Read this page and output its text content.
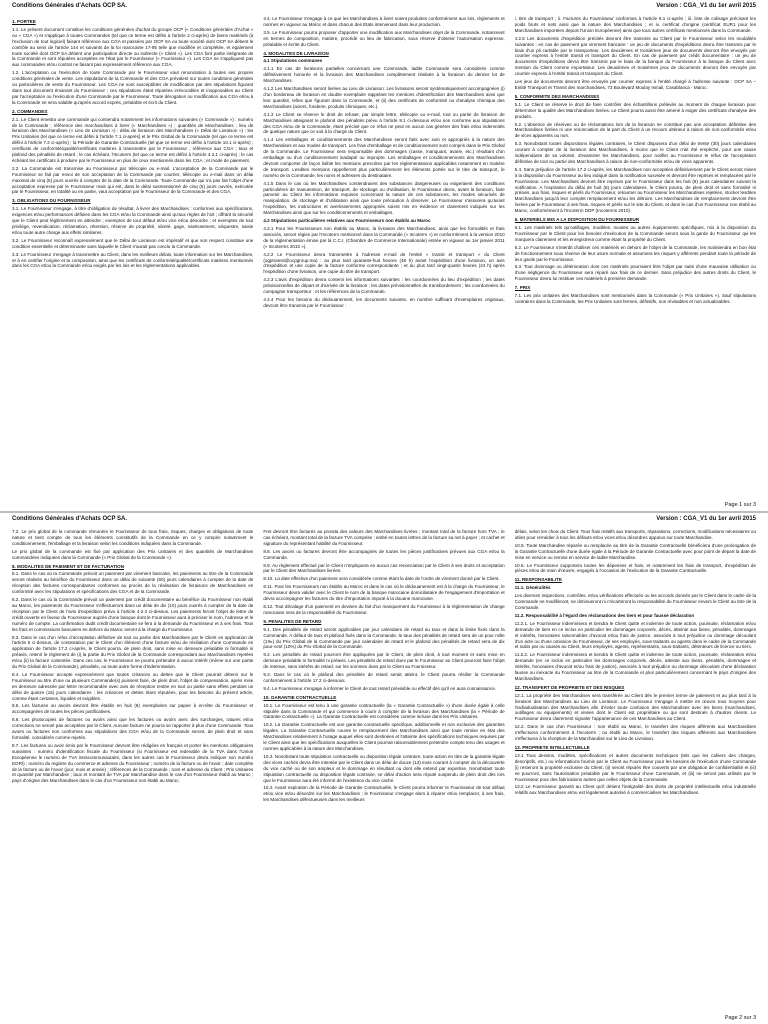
Conditions Générales d'Achats OCP SA.	Version : CGA_V1 du 1er avril 2015

1. PORTEE

1.1. Le présent document constitue les conditions générales d'achat du groupe OCP (« Conditions générales d'Achat » ou « CGA ») et s'applique à toutes Commandes (tel que ce terme est défini à l'article 2 ci-après) de biens matériels (à l'exclusion de tout logiciel) faisant référence aux CGA et passées par OCP SA ou toute société dont OCP SA détient le contrôle au sens de l'article 144 et suivants de la loi marocaine 17-95 telle que modifiée et complétée, et également toute société dont OCP SA détient une participation directe ou indirecte (« Client »). Les CGA font partie intégrante de la Commande et sont réputées acceptées en l'état par le Fournisseur (« Fournisseur »). Les CGA ne s'appliquent pas aux commandes et/ou contrat ne faisant pas expressément référence aux CGA.

1.2. L'acceptation ou l'exécution de toute Commande par le Fournisseur vaut renonciation à toutes ses propres conditions générales de vente. Les stipulations de la Commande et des CGA prévalent sur toutes conditions générales ou particulières de vente du Fournisseur. Les CGA ne sont susceptibles de modification par des stipulations figurant dans tout document émanant du Fournisseur ; ces stipulations étant réputées irrévocables et inopposables au Client par l'acceptation ou l'exécution d'une Commande par le Fournisseur. Toute dérogation ou modification aux CGA et/ou à la Commande ne sera valable qu'après accord exprès, préalable et écrit du Client.

2. COMMANDES

2.1. Le Client émettra une commande qui contiendra notamment les informations suivantes (« Commande ») : numéro de la Commande ; référence des marchandises à livrer (« Marchandises ») ; quantités de Marchandises ; lieu de livraison des Marchandises (« Lieu de Livraison ») ; délai de livraison des Marchandises (« Délai de Livraison ») ; les Prix Unitaires (tel que ce terme est défini à l'article 7.1 ci-après) et le Prix Global de la Commande (tel que ce terme est défini à l'article 7.2 ci-après) ; la Période de Garantie Contractuelle (tel que ce terme est défini à l'article 10.1 ci-après) ; certificats de conformité/qualité/certificats matières à transmettre par le Fournisseur ; référence aux CGA ; taux et plafond des pénalités de retard ; le cas échéant, l'Incoterm (tel que ce terme est défini à l'article 4.2.1 ci-après) ; le cas échéant les certificats à produire par le Fournisseur en plus de ceux mentionnés dans les CGA ; et mode de paiement.

2.2. La Commande est transmise au Fournisseur par télécopie ou e-mail. L'acceptation de la Commande par le Fournisseur se fait par envoi de son acceptation de la Commande par courrier, télécopie ou e-mail dans un délai maximal de cinq (5) jours ouvrés à compter de la date de la Commande. Toute Commande qui n'a pas fait l'objet d'une acceptation expresse par le Fournisseur mais qui est, dans le délai susmentionné de cinq (5) jours ouvrés, exécutée par le Fournisseur, en totalité ou en partie, vaut acceptation par le Fournisseur de la Commande et des CGA.

3. OBLIGATIONS DU FOURNISSEUR

3.1. Le Fournisseur s'engage, à titre d'obligation de résultat, à livrer des Marchandises : conformes aux spécifications, exigences et/ou performances définies dans les CGA et/ou la Commande ainsi qu'aux règles de l'art ; offrant la sécurité que le Client peut légitimement en attendre ; exemptes de tout défaut et/ou vice et/ou désordre ; et exemptes de tout privilège, revendication, réclamation, rétention, réserve de propriété, sûreté, gage, nantissement, séquestre, saisie et/ou toute autre charge aux effets similaires.

3.2. Le Fournisseur reconnaît expressément que le Délai de Livraison est impératif et que son respect constitue une condition essentielle et déterminante sans laquelle le Client n'aurait pas conclu la Commande.

3.3. Le Fournisseur s'engage à transmettre au Client, dans les meilleurs délais, toute information sur les Marchandises, et à en certifier l'origine et la composition, ainsi que les certificats de conformité/qualité/certificats matières mentionnés dans les CGA et/ou la Commande et/ou exigés par les lois et les réglementations applicables.

3.4. Le Fournisseur s'engage à ce que les Marchandises à livrer soient produites conformément aux lois, règlements et normes en vigueur au Maroc et dans chacun des Etats intervenant dans leur production.

3.5. Le Fournisseur pourra proposer d'apporter une modification aux Marchandises objet de la Commande, notamment en termes de composition, matière, procédé ou lieu de fabrication, sous réserve d'obtenir l'autorisation expresse, préalable et écrite du Client.

4. MODALITES DE LIVRAISON

4.1 Stipulations communes

4.1.1 En cas de livraisons partielles concernant une Commande, ladite Commande sera considérée comme définitivement honorée et la livraison des Marchandises complètement réalisée à la livraison du dernier lot de Marchandises.

4.1.2 Les Marchandises seront livrées au Lieu de Livraison. Les livraisons seront systématiquement accompagnées (i) d'un bordereau de livraison en double exemplaire rappelant les mentions d'identification des Marchandises ainsi que leur quantité, telles que figurant dans la Commande, et (ii) des certificats de conformité ou d'analyse chimique des Marchandises (aciers, fonderie, produits chimiques, etc.).

4.1.3 Le Client se réserve le droit de refuser, par simple lettre, télécopie ou e-mail, tout ou partie de livraison de Marchandises atteignant le plafond des pénalités prévu à l'article 9.1 ci-dessous et/ou non conforme aux stipulations des CGA et/ou de la Commande, étant précisé que ce refus ne peut en aucun cas générer des frais et/ou indemnités de quelque nature que ce soit à la charge du Client.

4.1.4 Les emballages et conditionnements des Marchandises seront faits avec soin et appropriés à la nature des Marchandises et aux modes de transport. Les frais d'emballage et de conditionnement sont compris dans le Prix Global de la Commande. Le Fournisseur sera responsable des dommages (casse, manquant, avarie, etc.) résultant d'un emballage ou d'un conditionnement inadapté ou impropre. Les emballages et conditionnements des Marchandises devront comporter de façon lisible les mentions prescrites par les réglementations applicables notamment en matière de transport. Lesdites mentions rappelleront plus particulièrement les éléments portés sur le titre de transport, le numéro de la Commande, les noms et adresses du destinataire.

4.1.5 Dans le cas où les Marchandises contiendraient des substances dangereuses ou exigeraient des conditions particulières de manutention, de transport, de stockage ou d'utilisation, le Fournisseur devra, avant la livraison, faire parvenir au Client les informations requises concernant la nature de ces substances, les modes sécurisés de manipulation, de stockage et d'utilisation ainsi que toute précaution à observer. Le Fournisseur s'assurera qu'avant l'expédition, les instructions et avertissements appropriés soient mis en évidence et clairement indiqués sur les Marchandises ainsi que sur les conditionnements et emballages.

4.2 Stipulations particulières relatives aux Fournisseurs non établis au Maroc

4.2.1 Pour les Fournisseurs non établis au Maroc, la livraison des Marchandises, ainsi que les formalités et frais associés, seront régies par l'Incoterm mentionné dans la Commande (« Incoterm ») et conformément à la version 2010 de la réglementation émise par la C.C.I. (Chambre de Commerce Internationale) entrée en vigueur au 1er janvier 2011 (« Incoterms 2010 »).

4.2.2 Le Fournisseur devra transmettre à l'adresse e-mail de l'entité « transit et transport » du Client (ogptransit@ocpgroup.ma) : au plus tard quarante-huit heures (48 h) avant l'expédition d'une livraison, un avis d'expédition et une copie de la facture conforme correspondante ; et au plus tard vingt-quatre heures (24 h) après l'expédition d'une livraison, une copie du titre de transport.

4.2.3 L'avis d'expédition devra contenir les informations suivantes : les coordonnées du lieu d'expédition ; les dates prévisionnelles de départ et d'arrivée de la livraison ; les dates prévisionnelles de transbordement ; les coordonnées du compagnie transporteur ; et les références de la Commande.

4.2.4 Pour les besoins du dédouanement, les documents suivants, en nombre suffisant d'exemplaires originaux, devront être transmis par le Fournisseur :

i. titre de transport ; ii. Factures du Fournisseur conformes à l'article 8.1 ci-après ; iii. liste de colisage précisant les poids bruts et nets ainsi que la nature des Marchandises ; et iv. certificat d'origine (certificat EUR1 pour les Marchandises importées depuis l'Union Européenne) ainsi que tous autres certificats mentionnés dans la Commande.

4.2.5 Les documents d'expédition précités devront être transmis au Client par le Fournisseur selon les modalités suivantes : en cas de paiement par virement bancaire : un jeu de documents d'expéditions devra être transmis par le biais d'un pli cartable par le transporteur. Les deuxièmes et troisièmes jeux de documents devront être envoyés par courrier express à l'entité transit et transport du Client. En cas de paiement par crédit documentaire : un jeu de documents d'expéditions devra être transmis par le biais de la banque du Fournisseur à la banque du Client avec mention du Client comme importateur. Les deuxièmes et troisièmes jeux de documents devront être envoyés par courrier express à l'entité transit et transport du Client.

Les jeux de documents devront être envoyés par courrier express à l'entité chargé à l'adresse suivante : OCP SA – Entité Transport et Transit des marchandises, 73 Boulevard Moulay Ismail, Casablanca - Maroc.

5. CONFORMITE DES MARCHANDISES

5.1. Le Client se réserve le droit de faire contrôler des échantillons prélevés au moment de chaque livraison pour déterminer la qualité des Marchandises livrées. Le Client pourra aussi être amené à exiger des certificats d'analyse des produits.

5.2. L'absence de réserves ou de réclamations lors de la livraison ne constitue pas une acceptation définitive des Marchandises livrées ni une renonciation de la part du Client à un recours ultérieur à raison de non-conformités et/ou de vices apparents ou non.

5.3. Nonobstant toutes dispositions légales contraires, le Client disposera d'un délai de trente (30) jours calendaires courant à compter de la livraison des Marchandises, à moins que le Client n'ait été empêché, pour une cause indépendante de sa volonté, d'examiner les Marchandises, pour notifier au Fournisseur le refus de l'acceptation définitive de tout ou partie des Marchandises à raison de non-conformités et/ou de vices apparents.

5.4. Sans préjudice de l'article 17.2 ci-après, les Marchandises non acceptées définitivement par le Client seront mises à la disposition du Fournisseur au lieu indiqué dans la notification susvisée et devront être reprises et remplacées par le Fournisseur. Les Marchandises devront être reprises par le Fournisseur dans les huit (8) jours calendaires suivant la notification. A l'expiration du délai de huit (8) jours calendaires, le Client pourra, de plein droit et sans formalité ni préavis, aux frais, risques et périls du Fournisseur, retourner au Fournisseur les Marchandises rejetées, stocker lesdites Marchandises jusqu'à leur complet remplacement et/ou les détruire. Les Marchandises de remplacement devront être livrées par le Fournisseur à ses frais, risques et périls sur le site du Client, et dans le cas d'un Fournisseur non établi au Maroc, conformément à l'Incoterm DDP (Incoterms 2010).

6. MATERIELS MIS A LA DISPOSITION DU FOURNISSEUR

6.1. Les matériels tels qu'outillages, modèles, moules ou autres équipements spécifiques, mis à la disposition du Fournisseur par le Client pour les besoins d'exécution de la Commande seront sous la garde du Fournisseur qui les marquera clairement et les enregistrera comme étant la propriété du Client.

6.2. Le Fournisseur s'interdit d'utiliser ces matériels en dehors de l'objet de la Commande, les maintiendra en bon état de fonctionnement sous réserve de leur usure normale et assumera les risques y afférents pendant toute la période de leur garde par le Fournisseur.

6.3. Tout dommage ou détérioration dont ces matériels pourraient être l'objet par suite d'une mauvaise utilisation ou d'une négligence du Fournisseur sera réparé aux frais de ce dernier. Sans préjudice des autres droits du Client, le Fournisseur devra lui restituer ces matériels à première demande.

7. PRIX

7.1. Les prix unitaires des Marchandises sont mentionnés dans la Commande (« Prix Unitaires »). Sauf stipulations contraires dans la Commande, les Prix Unitaires sont fermes, définitifs, non révisables et non actualisables.

Page 1 sur 3
Conditions Générales d'Achats OCP SA.	Version : CGA_V1 du 1er avril 2015

7.2. Le prix global de la commande rémunère le Fournisseur de tous frais, risques, charges et obligations de toute nature et tient compte de tous les éléments constitutifs de la Commande en ce y compris notamment le conditionnement, l'emballage et la livraison selon les conditions indiquées dans la Commande.

Le prix global de la commande est fixé par application des Prix Unitaires et des quantités de Marchandises commandées indiquées dans la Commande (« Prix Global de la Commande »).

8. MODALITES DE PAIEMENT ET DE FACTURATION

8.1. Dans le cas où la Commande prévoit un paiement par virement bancaire, les paiements au titre de la Commande seront réalisés au bénéfice du Fournisseur dans un délai de soixante (60) jours calendaires à compter de la date de réception des factures correspondantes conformes au procès de la réalisation de livraisons de Marchandises en conformité avec les stipulations et spécifications des CGA et de la Commande.

8.2. Dans le cas où la Commande prévoit un paiement par crédit documentaire au bénéfice du Fournisseur non établi au Maroc, les paiements du Fournisseur s'effectueront dans un délai de dix (10) jours ouvrés à compter de la date de réception par le Client de l'avis d'expédition prévu à l'article 4.2.3 ci-dessus. Les paiements feront l'objet de lettre de crédit ouverte en faveur du Fournisseur auprès d'une banque dont le Fournisseur aura à préciser le nom, l'adresse et le numéro de compte. La confirmation dudit crédit documentaire se fera à la demande du Fournisseur et à ses frais. Tous les frais et commissions bancaires en dehors du Maroc seront à la charge du Fournisseur.

8.3. Dans le cas d'un refus d'acceptation définitive de tout ou partie des Marchandises par le Client en application de l'article 5 ci-dessus, de contestation par le Client d'un élément d'une facture et/ou de résiliation d'une Commande en application de l'article 17.2 ci-après, le Client pourra, de plein droit, sans mise en demeure préalable ni formalité ni préavis, retenir le règlement de (i) la partie du Prix Global de la Commande correspondant aux Marchandises rejetées et/ou (ii) la facture contestée. Dans ces cas, le Fournisseur ne pourra prétendre à aucun intérêt (même sur une partie du Prix Global de la Commande), pénalités, ou toute autre forme d'indemnisation.

8.4. Le Fournisseur accepte expressément que toutes créances ou dettes que le Client pourrait détenir sur le Fournisseur au titre d'une ou plusieurs Commande(s) puissent faire, de plein droit, l'objet de compensation, après mise en demeure adressée par lettre recommandée avec avis de réception restée en tout ou partie sans effets pendant un délai de quinze (15) jours calendaires ; les créances et dettes étant réputées, pour les besoins du présent article, comme étant certaines, liquides et exigibles.

8.5. Les factures ou avoirs devront être établis en huit (8) exemplaires sur papier à en-tête du Fournisseur et accompagnées de toutes les pièces justificatives.

8.6. Les photocopies de factures ou avoirs ainsi que les factures ou avoirs avec des surcharges, ratures et/ou corrections ne seront pas acceptées par le Client. Aucune facture ne pourra se rapporter à plus d'une Commande. Tous avoirs ou factures non conformes aux stipulations des CGA et/ou de la Commande seront, de plein droit et sans formalité, considérés comme rejetés.

8.7. Les factures ou avoir émis par le Fournisseur devront être rédigées en français et porter les mentions obligatoires suivantes : numéro d'identification fiscale du Fournisseur (si Fournisseur est redevable de la TVA dans l'Union Européenne le numéro de TVA intracommunautaire, dans les autres cas le Fournisseur devra indiquer son numéro EORI) ; numéro du registre du commerce et adresse du Fournisseur ; numéro de la facture ou de l'avoir ; date complète de la facture ou de l'avoir (jour, mois et année) ; références de la Commande ; nom et adresse du Client ; Prix Unitaires et quantité par Marchandise ; taux et montant de TVA par Marchandise dans le cas d'un Fournisseur établi au Maroc ; pays d'origine des Marchandises dans le cas d'un Fournisseur non établi au Maroc.

Fret devront être facturés au prorata des valeurs des Marchandises livrées ; montant total de la facture hors TVA ; le cas échéant, montant total de la facture TVA comprise ; entité en toutes lettres de la facture sa net à payer ; et cachet et signature du représentant habilité du Fournisseur.

8.8. Les avoirs ou factures devront être accompagnés de toutes les pièces justificatives prévues aux CGA et/ou la Commande.

8.9. Au règlement effectué par le Client n'impliquera en aucun cas renonciation par le Client à ses droits et acceptation par le Client des Marchandises livrées.

8.10. La date effective d'un paiement sera considérée comme étant la date de l'ordre de virement donné par le Client.

8.11. Pour les Fournisseurs non établis au Maroc et dans le cas où le dédouanement est à la charge du Fournisseur, le Fournisseur devra valider avec le Client le nom de la banque marocaine domiciliataire de l'engagement d'importation et devra accompagner les factures du titre d'importation imputé à la douane marocaine.

8.12. Tout décalage d'un paiement en devises du fait d'un manquement du Fournisseur à la réglementation de change marocaine sera de la responsabilité du Fournisseur.

9. PENALITES DE RETARD

9.1. Des pénalités de retard seront applicables par jour calendaire de retard au taux et dans la limite fixés dans la Commande. A défaut de taux et plafond fixés dans la Commande, le taux des pénalités de retard sera de un pour mille (1‰) du Prix Global de la Commande par jour calendaire de retard et le plafond des pénalités de retard sera de dix pour-cent (10%) du Prix Global de la Commande.

9.2. Les pénalités de retard pourront être appliquées par le Client, de plein droit, à tout moment et sans mise en demeure préalable ni formalité ni préavis. Les pénalités de retard dues par le Fournisseur au Client pourront faire l'objet de retenue, sans intérêts de retard, sur les sommes dues par le Client au Fournisseur.

9.3. Dans le cas où le plafond des pénalités de retard serait atteint, le Client pourra résilier la Commande conformément à l'article 17.2 ci-dessous.

9.4. Le Fournisseur s'engage à informer le Client de tout retard prévisible ou effectif dès qu'il en aura connaissance.

10. GARANTIE CONTRACTUELLE

10.1. Le Fournisseur est tenu à une garantie contractuelle (la « Garantie Contractuelle ») d'une durée égale à celle stipulée dans la Commande et qui commence à courir à compter de la livraison des Marchandises (la « Période de Garantie Contractuelle »). La Garantie Contractuelle est considérée comme incluse dans les Prix Unitaires.

10.2. La Garantie Contractuelle est une garantie contractuelle spécifique, additionnelle et non exclusive des garanties légales. La Garantie Contractuelle couvre le remplacement des Marchandises ainsi que toute remise en état des Marchandises relativement à l'usage auquel elles sont destinées et l'atteinte des spécifications techniques requises par le Client ainsi que les spécifications auxquelles le Client pourrait raisonnablement prétendre compte tenu des usages et normes applicables à la nature des Marchandises.

10.3. Nonobstant toute stipulation contractuelle ou disposition légale contraire, toute action en titre de la garantie légale des vices cachés devra être intentée par le Client dans un délai de douze (12) mois courant à compter de la découverte du vice caché ou de son ampleur et le dommage en résultant ou dont elle entend par expertise. Nonobstant toute stipulation contractuelle ou disposition légale contraire, se délai d'action sera réputé suspendu de plein droit dès lors que le Fournisseur aura été informé de l'existence du vice caché.

10.4. Avant expiration de la Période de Garantie Contractuelle, le Client pourra informer le Fournisseur de tout défaut et/ou vice et/ou désordre sur les Marchandises ; le Fournisseur s'engage alors à réparer et/ou remplacer, à ses frais, les Marchandises défectueuses dans les meilleurs

délais, selon les choix du Client. Tous frais relatifs aux transports, réparations, corrections, modifications nécessaires ou utiles pour remédier à tous les défauts et/ou vices et/ou désordres apparus sur toute Marchandise.

10.5. Toute Marchandise réparée ou remplacée au titre de la Garantie Contractuelle bénéficiera d'une prolongation de la Garantie Contractuelle d'une durée égale à la Période de Garantie Contractuelle avec pour point de départ la date de mise en service ou remise en service de ladite Marchandise.

10.6. Le Fournisseur supportera toutes les dépenses et frais, et notamment les frais de transport, d'expédition de pièces et/ou de main d'œuvre, engagés à l'occasion de l'exécution de la Garantie Contractuelle.

11. RESPONSABILITE

11.1. Généralités

Les diverses inspections, contrôles, et/ou vérifications effectués ou les accords donnés par le Client dans le cadre de la Commande ne modifieront, ne diminueront ni n'écarteront la responsabilité du Fournisseur envers le Client au titre de la Commande.

11.2. Responsabilité à l'égard des réclamations des tiers et pour fausse déclaration

11.2.1. Le Fournisseur indemnisera et tiendra le Client quitte et indemne de toute action, poursuite, réclamation et/ou demande de tiers en ce inclus en particulier les dommages corporels, décès, atteinte aux biens, pénalités, dommages et intérêts, honoraires raisonnables d'avocat et/ou frais de justice, associés à tout préjudice ou dommage découlant d'un acte ou d'une omission du Fournisseur, de ses employés, sous-traitants ou agents dans le cadre de la Commande et subis par ou causés au Client, leurs employés, agents, représentants, sous-traitants, détenteurs de licence ou tiers.

11.2.2. Le Fournisseur indemnisera et tiendra le Client quitte et indemne de toute action, poursuite, réclamation et/ou demande (en ce inclus en particulier les dommages corporels, décès, atteinte aux biens, pénalités, dommages et intérêts, honoraires d'avocat et/ou frais de justice), associés à tout préjudice ou dommage découlant d'une déclaration fausse ou inexacte du Fournisseur au titre de la Commande et plus particulièrement concernant le pays d'origine des Marchandises.

12. TRANSFERT DE PROPRIETE ET DES RISQUES

12.1. La propriété des Marchandises sera transférée au Client dès le premier terme de paiement et au plus tard à la livraison des Marchandises au Lieu de Livraison. Le Fournisseur s'engage à mettre en œuvre tous moyens pour l'individualisation des Marchandises afin d'éviter toute confusion des Marchandises avec les biens (marchandises, outillages ou équipements) et visées dont le Client est propriétaire ou qui sont destinés à d'autres clients. Le Fournisseur devra clairement signaler l'appartenance de ces Marchandises au Client.

12.2. Dans le cas d'un Fournisseur : non établi au Maroc, le transfert des risques afférents aux Marchandises s'effectuera conformément à l'Incoterm ; ou établi au Maroc, le transfert des risques afférents aux Marchandises s'effectuera à la réception de la Marchandise sur le Lieu de Livraison.

13. PROPRIETE INTELLECTUELLE

13.1 Tous dessins, modèles, spécifications et autres documents techniques (tels que les cahiers des charges, descriptifs, etc.) ou informations fournis par le Client au Fournisseur pour les besoins de l'exécution d'une Commande (i) resteront la propriété exclusive du Client, (ii) seront réputés être couverts par une obligation de confidentialité et (iii) ne pourront, sans l'autorisation préalable par le Fournisseur d'une Commande, et (iii) ne seront pas utilisés par le Fournisseur pour des fabrications autres que celles objets de la Commande.

13.2 Le Fournisseur garantit au Client qu'il détient l'intégralité des droits de propriété intellectuelle et/ou industrielle relatifs aux Marchandises et/ou est légalement autorisé à commercialiser les Marchandises.

Page 2 sur 3
